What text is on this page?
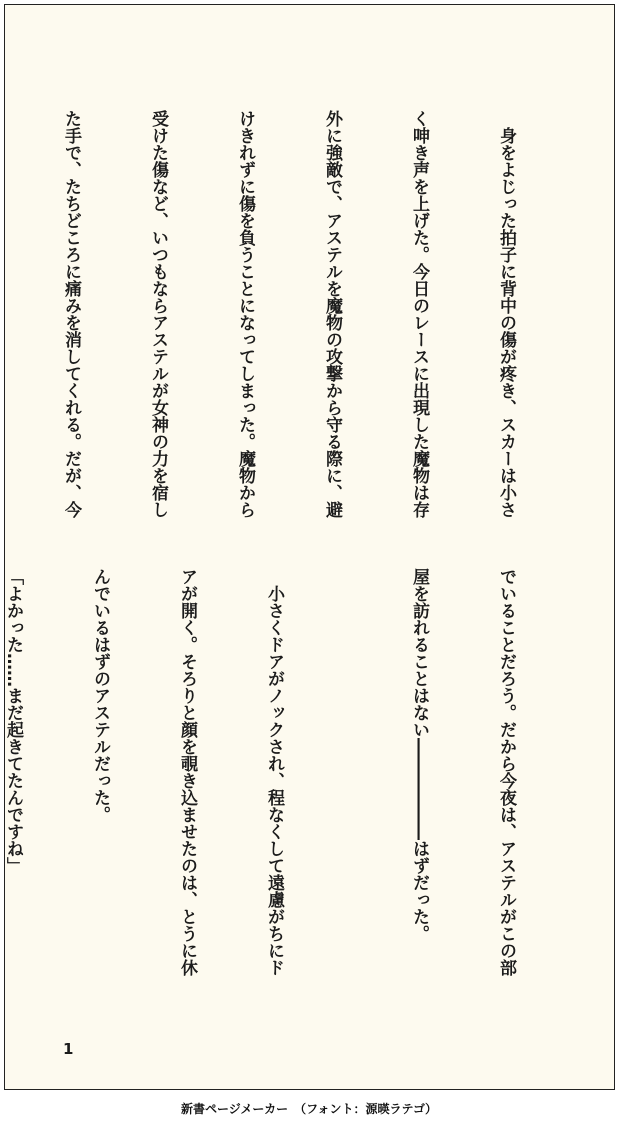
　身をよじった拍子に背中の傷が疼き、スカーは小さ

く呻き声を上げた。今日のレースに出現した魔物は存

外に強敵で、アステルを魔物の攻撃から守る際に、避

けきれずに傷を負うことになってしまった。魔物から

受けた傷など、いつもならアステルが女神の力を宿し

た手で、たちどころに痛みを消してくれる。だが、今

でいることだろう。だから今夜は、アステルがこの部

屋を訪れることはない――――――はずだった。

　小さくドアがノックされ、程なくして遠慮がちにド

アが開く。そろりと顔を覗き込ませたのは、とうに休

んでいるはずのアステルだった。

「よかった……まだ起きてたんですね」

1
新書ページメーカー　（フォント：源暎ラテゴ）
